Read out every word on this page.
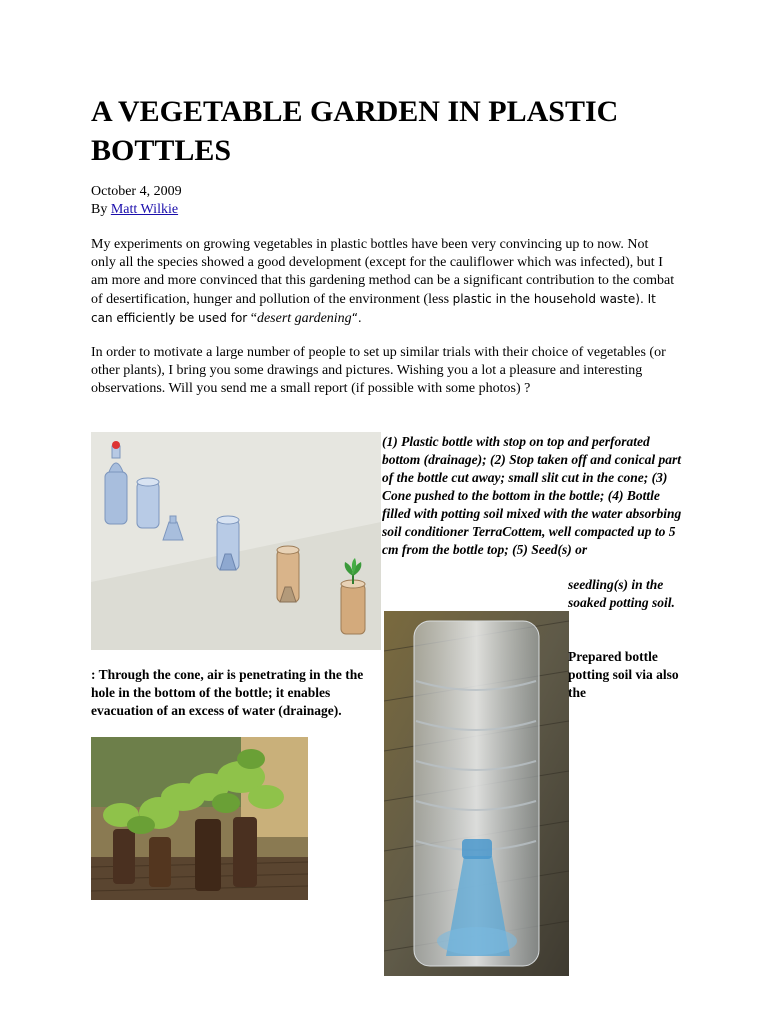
A VEGETABLE GARDEN IN PLASTIC BOTTLES
October 4, 2009
By Matt Wilkie

My experiments on growing vegetables in plastic bottles have been very convincing up to now. Not only all the species showed a good development (except for the cauliflower which was infected), but I am more and more convinced that this gardening method can be a significant contribution to the combat of desertification, hunger and pollution of the environment (less plastic in the household waste). It can efficiently be used for “desert gardening“.

In order to motivate a large number of people to set up similar trials with their choice of vegetables (or other plants), I bring you some drawings and pictures. Wishing you a lot a pleasure and interesting observations. Will you send me a small report (if possible with some photos) ?

(1) Plastic bottle with stop on top and perforated bottom (drainage); (2) Stop taken off and conical part of the bottle cut away; small slit cut in the cone; (3) Cone pushed to the bottom in the bottle; (4) Bottle filled with potting soil mixed with the water absorbing soil conditioner TerraCottem, well compacted up to 5 cm from the bottle top; (5) Seed(s) or

seedling(s) in the soaked potting soil.

Prepared bottle potting soil via also the

: Through the cone, air is penetrating in the the hole in the bottom of the bottle; it enables evacuation of an excess of water (drainage).
